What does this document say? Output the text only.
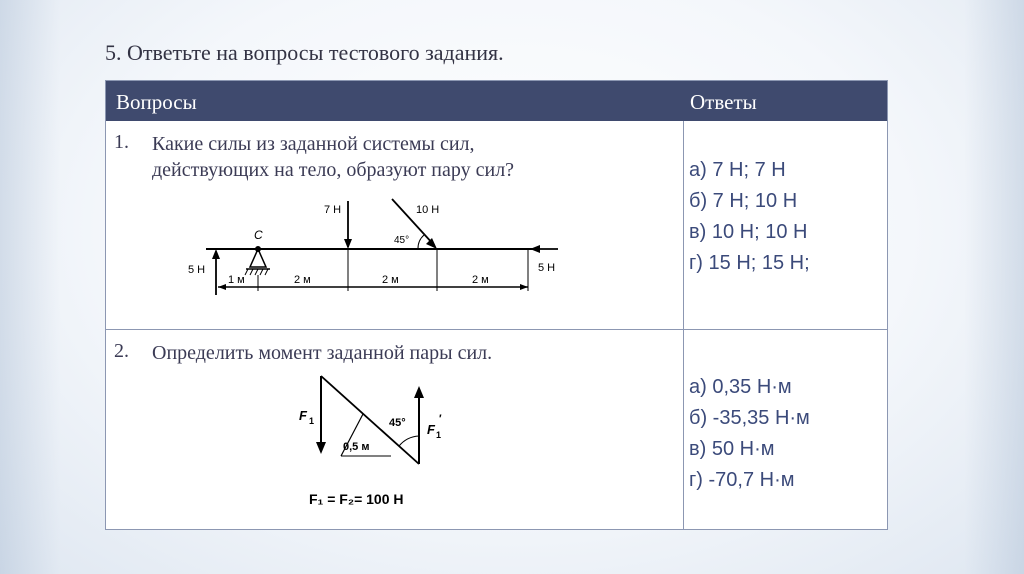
5. Ответьте на вопросы тестового задания.
Вопросы	Ответы
1. Какие силы из заданной системы сил,
действующих на тело, образуют пару сил?
C
7 Н	10 Н
45°
5 Н
5 Н
1 м	2 м	2 м	2 м
а) 7 Н; 7 Н
б) 7 Н; 10 Н
в) 10 Н; 10 Н
г) 15 Н; 15 Н;
2. Определить момент заданной пары сил.
F 1
F 1
′
45°
0,5 м
F₁ = F₂= 100 Н
а) 0,35 Н·м
б) -35,35 Н·м
в) 50 Н·м
г) -70,7 Н·м
